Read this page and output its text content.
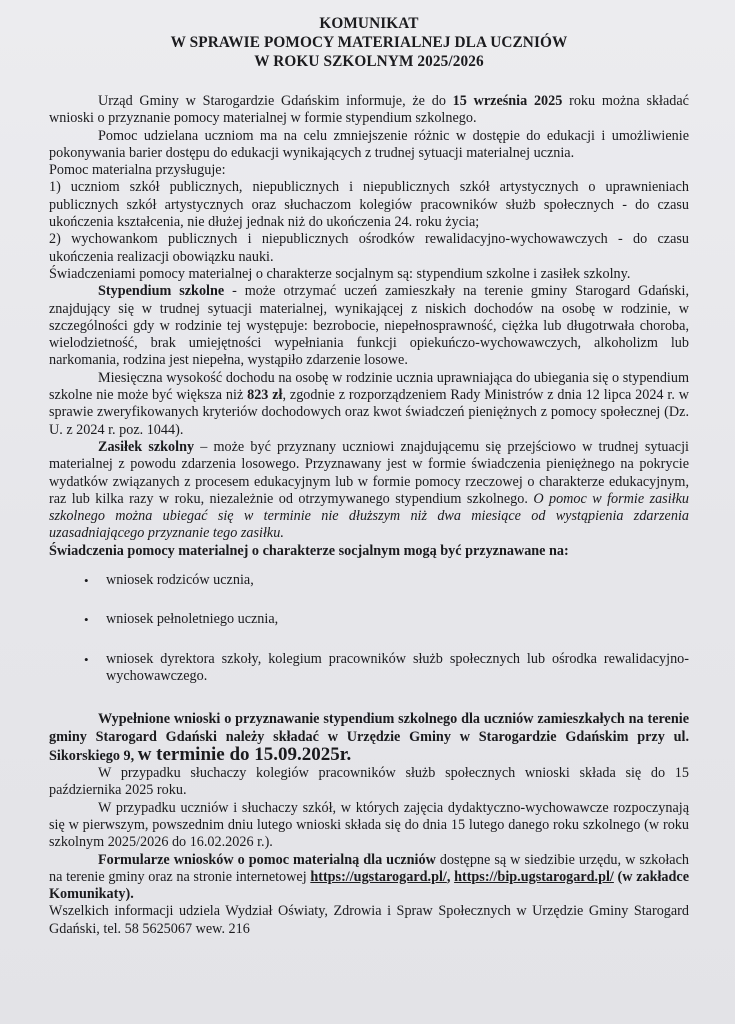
KOMUNIKAT
W SPRAWIE POMOCY MATERIALNEJ DLA UCZNIÓW
W ROKU SZKOLNYM 2025/2026

Urząd Gminy w Starogardzie Gdańskim informuje, że do 15 września 2025 roku można składać wnioski o przyznanie pomocy materialnej w formie stypendium szkolnego.

Pomoc udzielana uczniom ma na celu zmniejszenie różnic w dostępie do edukacji i umożliwienie pokonywania barier dostępu do edukacji wynikających z trudnej sytuacji materialnej ucznia.

Pomoc materialna przysługuje:

1) uczniom szkół publicznych, niepublicznych i niepublicznych szkół artystycznych o uprawnieniach publicznych szkół artystycznych oraz słuchaczom kolegiów pracowników służb społecznych - do czasu ukończenia kształcenia, nie dłużej jednak niż do ukończenia 24. roku życia;

2) wychowankom publicznych i niepublicznych ośrodków rewalidacyjno-wychowawczych - do czasu ukończenia realizacji obowiązku nauki.

Świadczeniami pomocy materialnej o charakterze socjalnym są: stypendium szkolne i zasiłek szkolny.

Stypendium szkolne - może otrzymać uczeń zamieszkały na terenie gminy Starogard Gdański, znajdujący się w trudnej sytuacji materialnej, wynikającej z niskich dochodów na osobę w rodzinie, w szczególności gdy w rodzinie tej występuje: bezrobocie, niepełnosprawność, ciężka lub długotrwała choroba, wielodzietność, brak umiejętności wypełniania funkcji opiekuńczo-wychowawczych, alkoholizm lub narkomania, rodzina jest niepełna, wystąpiło zdarzenie losowe.

Miesięczna wysokość dochodu na osobę w rodzinie ucznia uprawniająca do ubiegania się o stypendium szkolne nie może być większa niż 823 zł, zgodnie z rozporządzeniem Rady Ministrów z dnia 12 lipca 2024 r. w sprawie zweryfikowanych kryteriów dochodowych oraz kwot świadczeń pieniężnych z pomocy społecznej (Dz. U. z 2024 r. poz. 1044).

Zasiłek szkolny – może być przyznany uczniowi znajdującemu się przejściowo w trudnej sytuacji materialnej z powodu zdarzenia losowego. Przyznawany jest w formie świadczenia pieniężnego na pokrycie wydatków związanych z procesem edukacyjnym lub w formie pomocy rzeczowej o charakterze edukacyjnym, raz lub kilka razy w roku, niezależnie od otrzymywanego stypendium szkolnego. O pomoc w formie zasiłku szkolnego można ubiegać się w terminie nie dłuższym niż dwa miesiące od wystąpienia zdarzenia uzasadniającego przyznanie tego zasiłku.

Świadczenia pomocy materialnej o charakterze socjalnym mogą być przyznawane na:

• wniosek rodziców ucznia,
• wniosek pełnoletniego ucznia,
• wniosek dyrektora szkoły, kolegium pracowników służb społecznych lub ośrodka rewalidacyjno-wychowawczego.

Wypełnione wnioski o przyznawanie stypendium szkolnego dla uczniów zamieszkałych na terenie gminy Starogard Gdański należy składać w Urzędzie Gminy w Starogardzie Gdańskim przy ul. Sikorskiego 9, w terminie do 15.09.2025r.

W przypadku słuchaczy kolegiów pracowników służb społecznych wnioski składa się do 15 października 2025 roku.

W przypadku uczniów i słuchaczy szkół, w których zajęcia dydaktyczno-wychowawcze rozpoczynają się w pierwszym, powszednim dniu lutego wnioski składa się do dnia 15 lutego danego roku szkolnego (w roku szkolnym 2025/2026 do 16.02.2026 r.).

Formularze wniosków o pomoc materialną dla uczniów dostępne są w siedzibie urzędu, w szkołach na terenie gminy oraz na stronie internetowej https://ugstarogard.pl/, https://bip.ugstarogard.pl/ (w zakładce Komunikaty).

Wszelkich informacji udziela Wydział Oświaty, Zdrowia i Spraw Społecznych w Urzędzie Gminy Starogard Gdański, tel. 58 5625067 wew. 216
